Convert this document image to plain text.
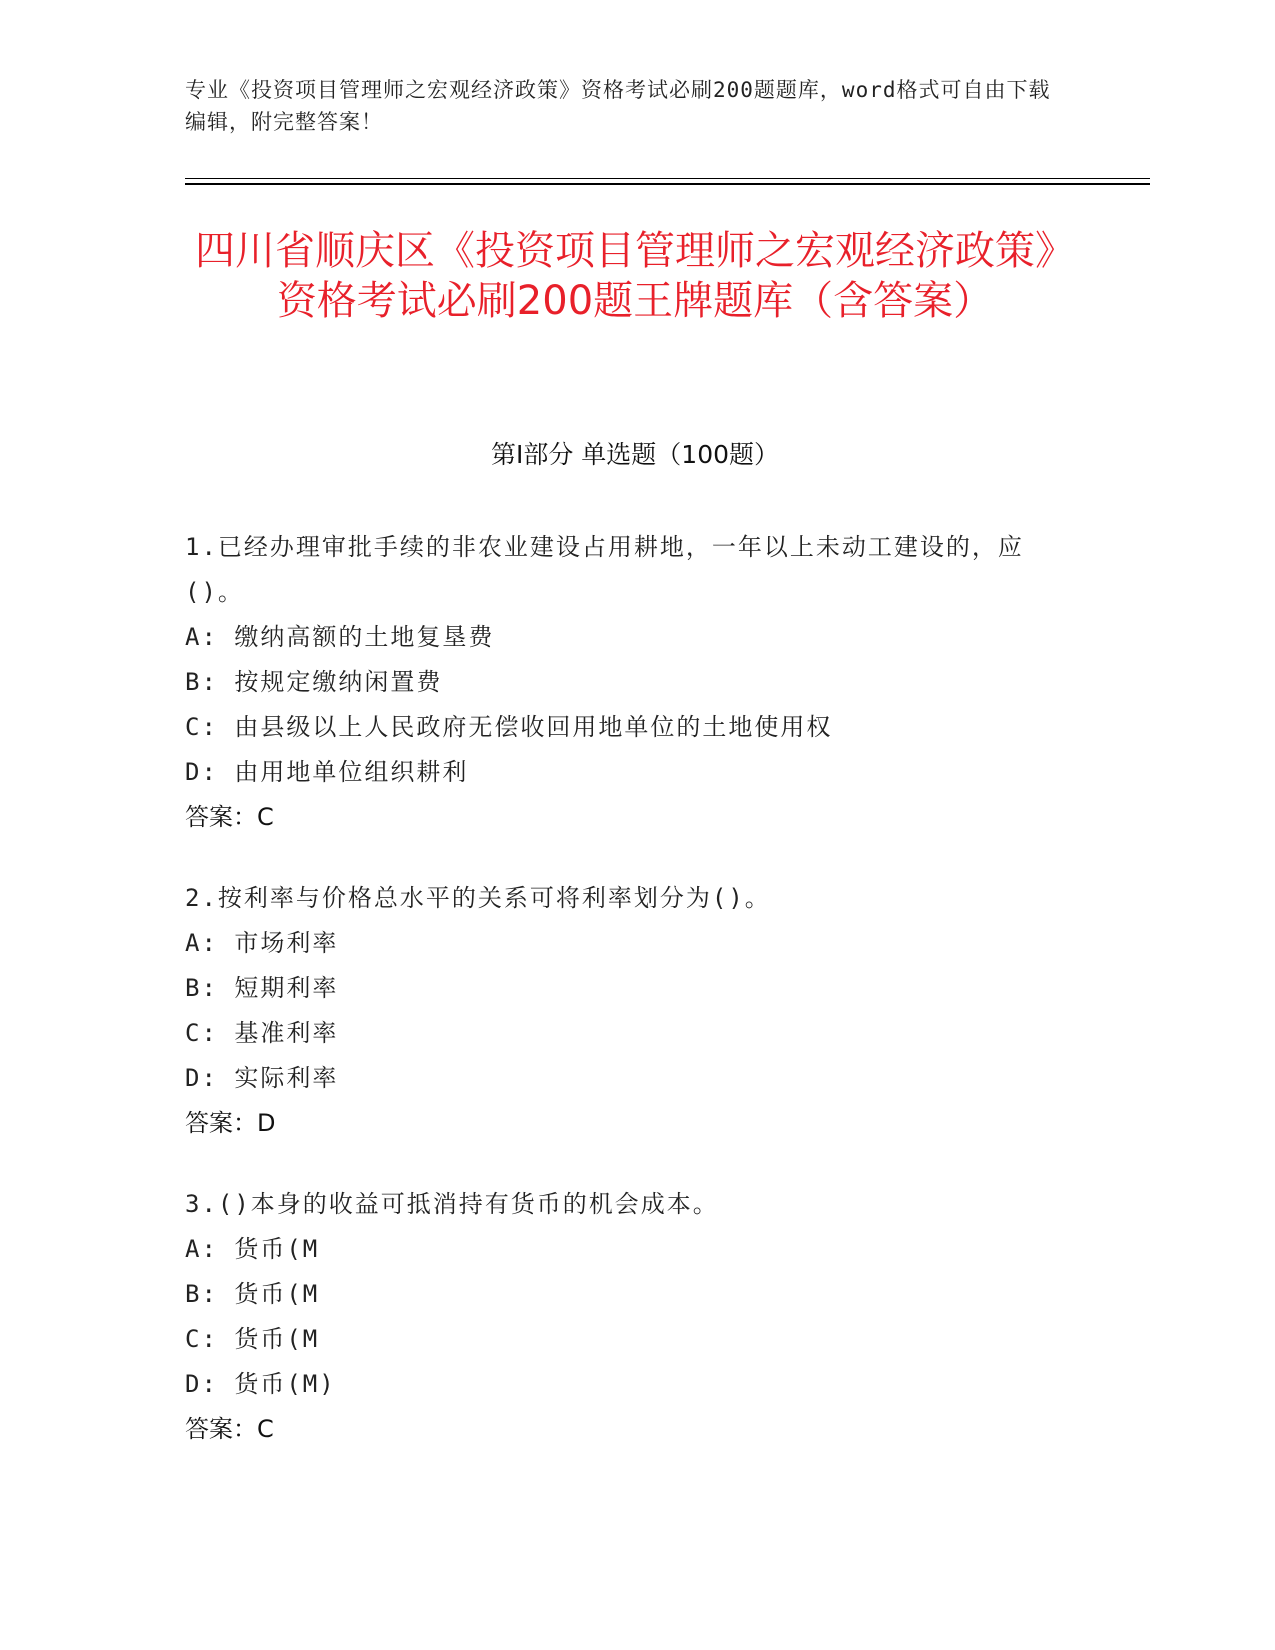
专业《投资项目管理师之宏观经济政策》资格考试必刷200题题库，word格式可自由下载编辑，附完整答案！
四川省顺庆区《投资项目管理师之宏观经济政策》资格考试必刷200题王牌题库（含答案）
第Ⅰ部分 单选题（100题）
1.已经办理审批手续的非农业建设占用耕地，一年以上未动工建设的，应()。
A: 缴纳高额的土地复垦费
B: 按规定缴纳闲置费
C: 由县级以上人民政府无偿收回用地单位的土地使用权
D: 由用地单位组织耕利
答案：C
2.按利率与价格总水平的关系可将利率划分为()。
A: 市场利率
B: 短期利率
C: 基准利率
D: 实际利率
答案：D
3.()本身的收益可抵消持有货币的机会成本。
A: 货币(M
B: 货币(M
C: 货币(M
D: 货币(M)
答案：C
